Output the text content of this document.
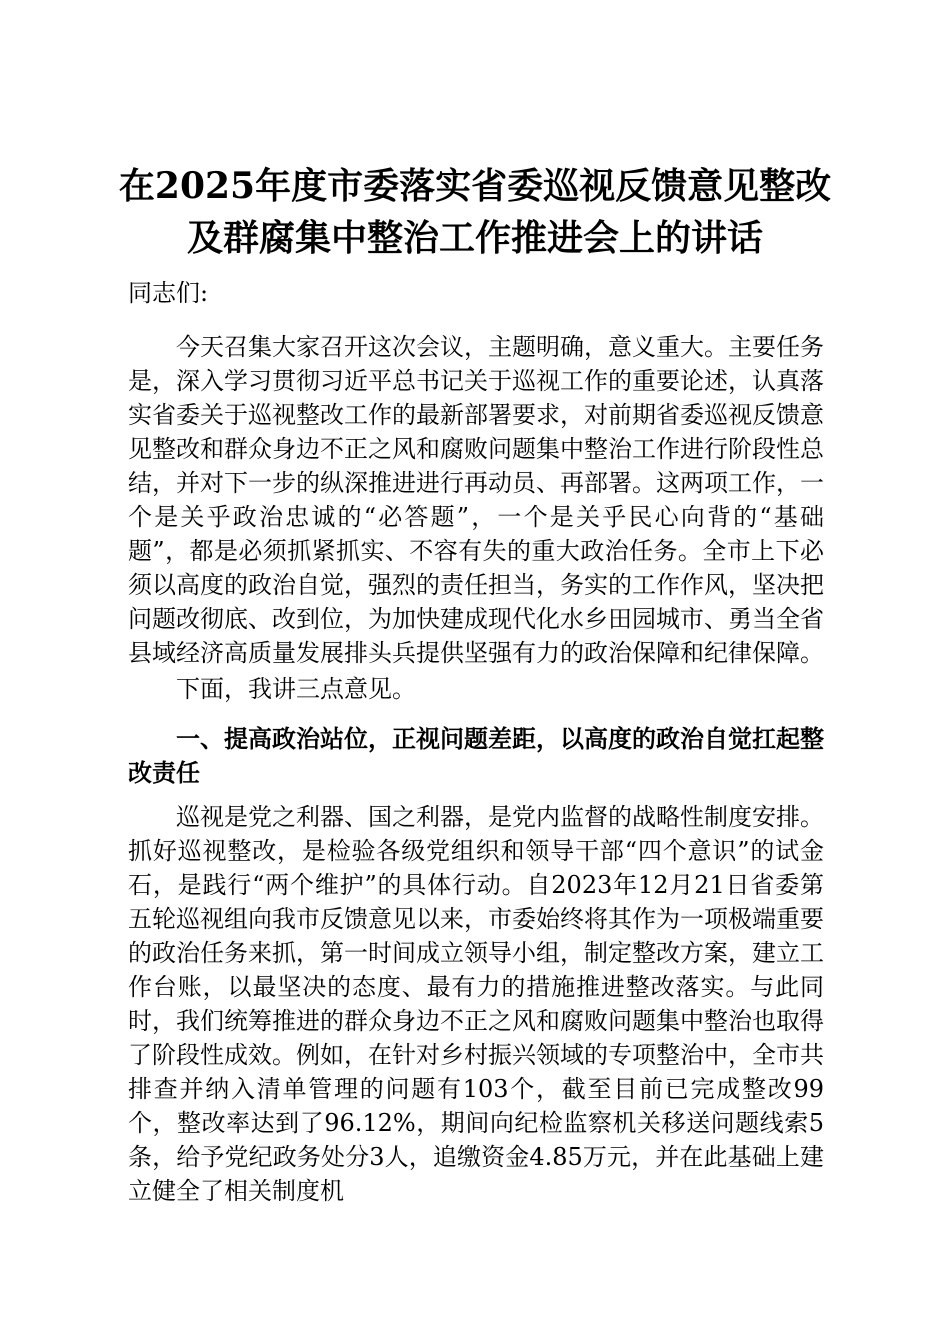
在2025年度市委落实省委巡视反馈意见整改
及群腐集中整治工作推进会上的讲话

同志们:

今天召集大家召开这次会议，主题明确，意义重大。主要任务是，深入学习贯彻习近平总书记关于巡视工作的重要论述，认真落实省委关于巡视整改工作的最新部署要求，对前期省委巡视反馈意见整改和群众身边不正之风和腐败问题集中整治工作进行阶段性总结，并对下一步的纵深推进进行再动员、再部署。这两项工作，一个是关乎政治忠诚的“必答题”，一个是关乎民心向背的“基础题”，都是必须抓紧抓实、不容有失的重大政治任务。全市上下必须以高度的政治自觉，强烈的责任担当，务实的工作作风，坚决把问题改彻底、改到位，为加快建成现代化水乡田园城市、勇当全省县域经济高质量发展排头兵提供坚强有力的政治保障和纪律保障。

下面，我讲三点意见。

一、提高政治站位，正视问题差距，以高度的政治自觉扛起整改责任

巡视是党之利器、国之利器，是党内监督的战略性制度安排。抓好巡视整改，是检验各级党组织和领导干部“四个意识”的试金石，是践行“两个维护”的具体行动。自2023年12月21日省委第五轮巡视组向我市反馈意见以来，市委始终将其作为一项极端重要的政治任务来抓，第一时间成立领导小组，制定整改方案，建立工作台账，以最坚决的态度、最有力的措施推进整改落实。与此同时，我们统筹推进的群众身边不正之风和腐败问题集中整治也取得了阶段性成效。例如，在针对乡村振兴领域的专项整治中，全市共排查并纳入清单管理的问题有103个，截至目前已完成整改99个，整改率达到了96.12%，期间向纪检监察机关移送问题线索5条，给予党纪政务处分3人，追缴资金4.85万元，并在此基础上建立健全了相关制度机
